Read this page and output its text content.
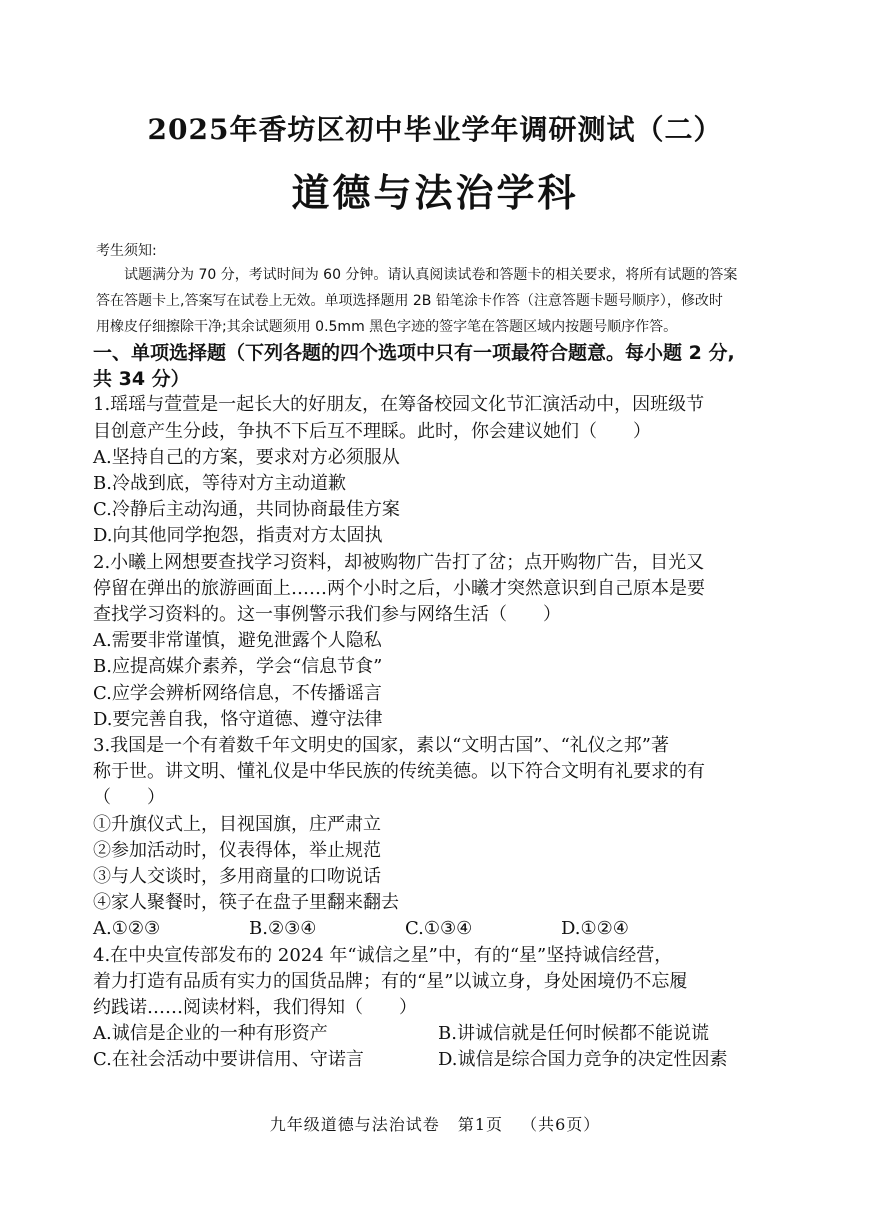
2025年香坊区初中毕业学年调研测试（二）
道德与法治学科
考生须知:
试题满分为 70 分，考试时间为 60 分钟。请认真阅读试卷和答题卡的相关要求，将所有试题的答案
答在答题卡上,答案写在试卷上无效。单项选择题用 2B 铅笔涂卡作答（注意答题卡题号顺序），修改时
用橡皮仔细擦除干净;其余试题须用 0.5mm 黑色字迹的签字笔在答题区域内按题号顺序作答。
一、单项选择题（下列各题的四个选项中只有一项最符合题意。每小题 2 分,
共 34 分）
1.瑶瑶与萱萱是一起长大的好朋友，在筹备校园文化节汇演活动中，因班级节
目创意产生分歧，争执不下后互不理睬。此时，你会建议她们（　　）
A.坚持自己的方案，要求对方必须服从
B.冷战到底，等待对方主动道歉
C.冷静后主动沟通，共同协商最佳方案
D.向其他同学抱怨，指责对方太固执
2.小曦上网想要查找学习资料，却被购物广告打了岔；点开购物广告，目光又
停留在弹出的旅游画面上……两个小时之后，小曦才突然意识到自己原本是要
查找学习资料的。这一事例警示我们参与网络生活（　　）
A.需要非常谨慎，避免泄露个人隐私
B.应提高媒介素养，学会“信息节食”
C.应学会辨析网络信息，不传播谣言
D.要完善自我，恪守道德、遵守法律
3.我国是一个有着数千年文明史的国家，素以“文明古国”、“礼仪之邦”著
称于世。讲文明、懂礼仪是中华民族的传统美德。以下符合文明有礼要求的有
（　　）
①升旗仪式上，目视国旗，庄严肃立
②参加活动时，仪表得体，举止规范
③与人交谈时，多用商量的口吻说话
④家人聚餐时，筷子在盘子里翻来翻去
A.①②③	B.②③④	C.①③④	D.①②④
4.在中央宣传部发布的 2024 年“诚信之星”中，有的“星”坚持诚信经营，
着力打造有品质有实力的国货品牌；有的“星”以诚立身，身处困境仍不忘履
约践诺……阅读材料，我们得知（　　）
A.诚信是企业的一种有形资产	B.讲诚信就是任何时候都不能说谎
C.在社会活动中要讲信用、守诺言	D.诚信是综合国力竞争的决定性因素
九年级道德与法治试卷 第1页 （共6页）
